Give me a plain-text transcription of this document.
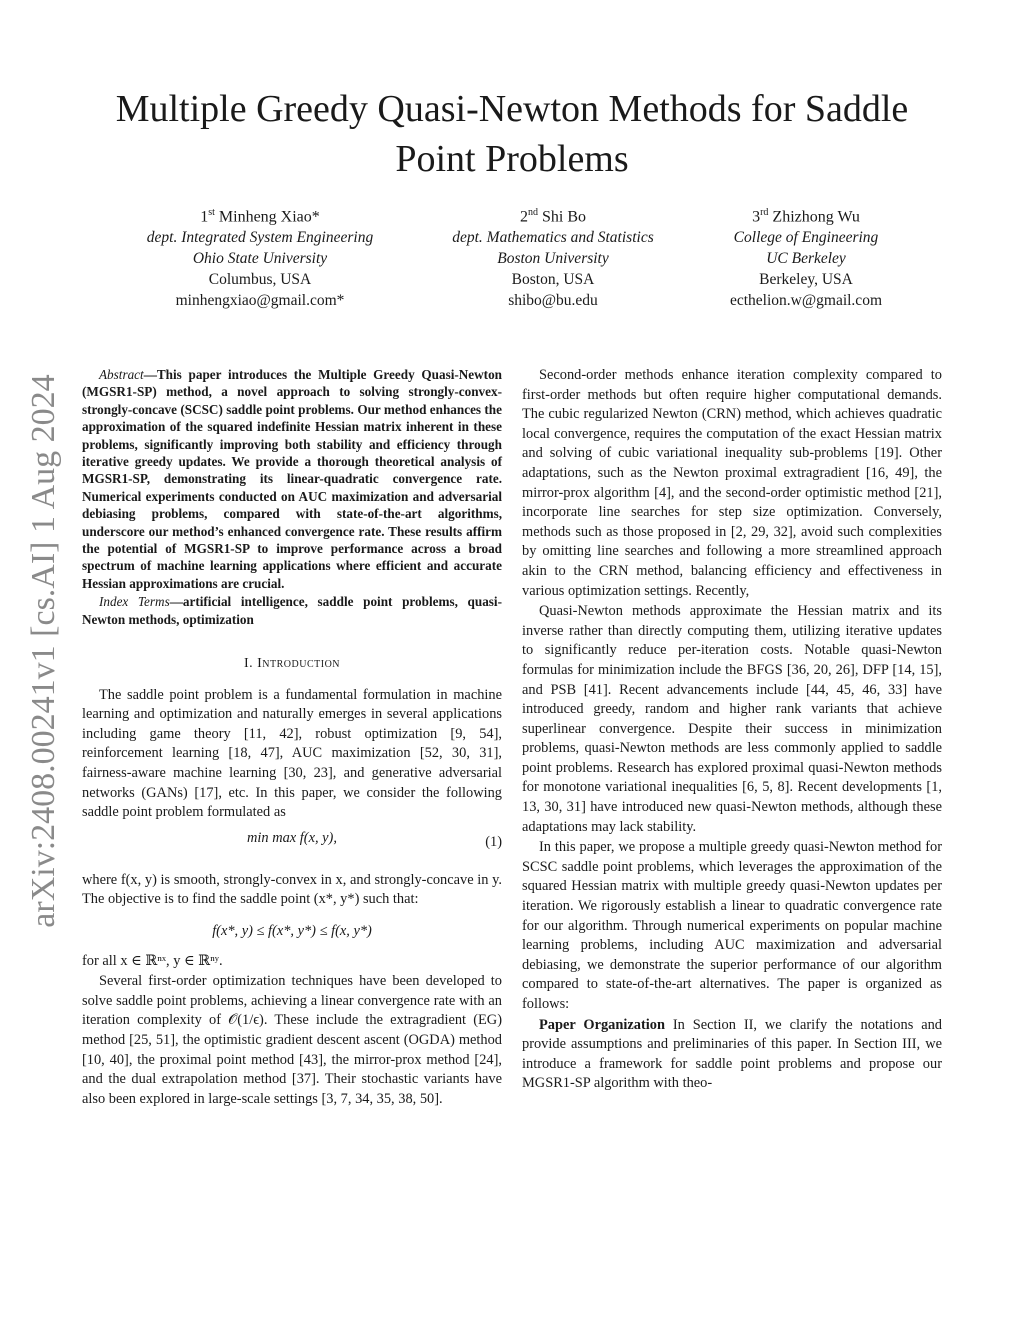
Multiple Greedy Quasi-Newton Methods for Saddle
Point Problems
1st Minheng Xiao*
dept. Integrated System Engineering
Ohio State University
Columbus, USA
minhengxiao@gmail.com*
2nd Shi Bo
dept. Mathematics and Statistics
Boston University
Boston, USA
shibo@bu.edu
3rd Zhizhong Wu
College of Engineering
UC Berkeley
Berkeley, USA
ecthelion.w@gmail.com
arXiv:2408.00241v1 [cs.AI] 1 Aug 2024	Abstract—This paper introduces the Multiple Greedy Quasi-Newton (MGSR1-SP) method, a novel approach to solving strongly-convex-strongly-concave (SCSC) saddle point problems. Our method enhances the approximation of the squared indefinite Hessian matrix inherent in these problems, significantly improving both stability and efficiency through iterative greedy updates. We provide a thorough theoretical analysis of MGSR1-SP, demonstrating its linear-quadratic convergence rate. Numerical experiments conducted on AUC maximization and adversarial debiasing problems, compared with state-of-the-art algorithms, underscore our method’s enhanced convergence rate. These results affirm the potential of MGSR1-SP to improve performance across a broad spectrum of machine learning applications where efficient and accurate Hessian approximations are crucial.

Index Terms—artificial intelligence, saddle point problems, quasi-Newton methods, optimization

I. Introduction

The saddle point problem is a fundamental formulation in machine learning and optimization and naturally emerges in several applications including game theory [11, 42], robust optimization [9, 54], reinforcement learning [18, 47], AUC maximization [52, 30, 31], fairness-aware machine learning [30, 23], and generative adversarial networks (GANs) [17], etc. In this paper, we consider the following saddle point problem formulated as

min max f(x, y),	(1)

where f(x, y) is smooth, strongly-convex in x, and strongly-concave in y. The objective is to find the saddle point (x*, y*) such that:

f(x*, y) ≤ f(x*, y*) ≤ f(x, y*)

for all x ∈ ℝⁿˣ, y ∈ ℝⁿʸ.

Several first-order optimization techniques have been developed to solve saddle point problems, achieving a linear convergence rate with an iteration complexity of 𝒪(1/ϵ). These include the extragradient (EG) method [25, 51], the optimistic gradient descent ascent (OGDA) method [10, 40], the proximal point method [43], the mirror-prox method [24], and the dual extrapolation method [37]. Their stochastic variants have also been explored in large-scale settings [3, 7, 34, 35, 38, 50].

Second-order methods enhance iteration complexity compared to first-order methods but often require higher computational demands. The cubic regularized Newton (CRN) method, which achieves quadratic local convergence, requires the computation of the exact Hessian matrix and solving of cubic variational inequality sub-problems [19]. Other adaptations, such as the Newton proximal extragradient [16, 49], the mirror-prox algorithm [4], and the second-order optimistic method [21], incorporate line searches for step size optimization. Conversely, methods such as those proposed in [2, 29, 32], avoid such complexities by omitting line searches and following a more streamlined approach akin to the CRN method, balancing efficiency and effectiveness in various optimization settings. Recently,

Quasi-Newton methods approximate the Hessian matrix and its inverse rather than directly computing them, utilizing iterative updates to significantly reduce per-iteration costs. Notable quasi-Newton formulas for minimization include the BFGS [36, 20, 26], DFP [14, 15], and PSB [41]. Recent advancements include [44, 45, 46, 33] have introduced greedy, random and higher rank variants that achieve superlinear convergence. Despite their success in minimization problems, quasi-Newton methods are less commonly applied to saddle point problems. Research has explored proximal quasi-Newton methods for monotone variational inequalities [6, 5, 8]. Recent developments [1, 13, 30, 31] have introduced new quasi-Newton methods, although these adaptations may lack stability.

In this paper, we propose a multiple greedy quasi-Newton method for SCSC saddle point problems, which leverages the approximation of the squared Hessian matrix with multiple greedy quasi-Newton updates per iteration. We rigorously establish a linear to quadratic convergence rate for our algorithm. Through numerical experiments on popular machine learning problems, including AUC maximization and adversarial debiasing, we demonstrate the superior performance of our algorithm compared to state-of-the-art alternatives. The paper is organized as follows:

Paper Organization In Section II, we clarify the notations and provide assumptions and preliminaries of this paper. In Section III, we introduce a framework for saddle point problems and propose our MGSR1-SP algorithm with theo-
